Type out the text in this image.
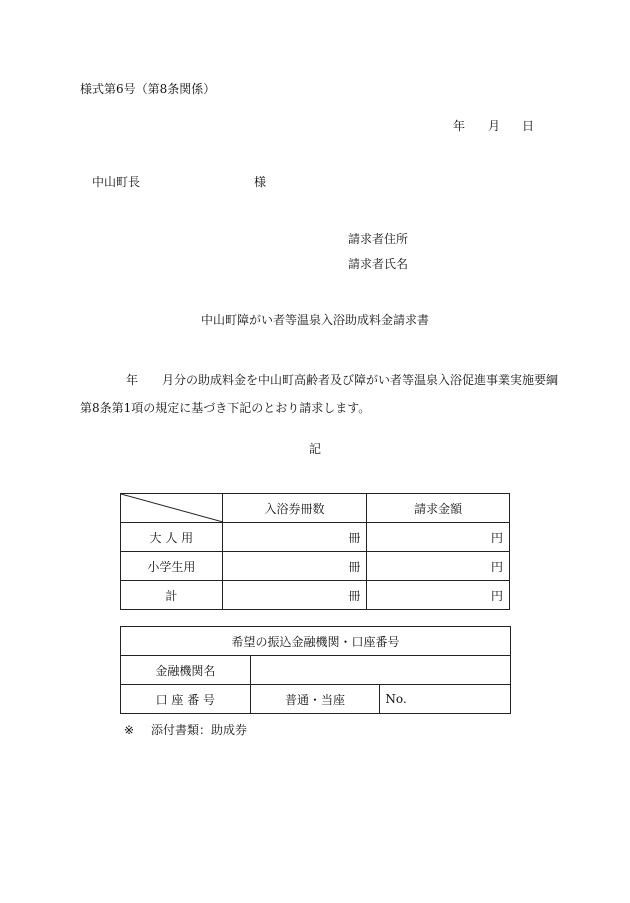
様式第6号（第8条関係）
年 月 日
中山町長	様
請求者住所
請求者氏名
中山町障がい者等温泉入浴助成料金請求書
年 月分の助成料金を中山町高齢者及び障がい者等温泉入浴促進事業実施要綱
第8条第1項の規定に基づき下記のとおり請求します。
記
	入浴券冊数	請求金額
大 人 用	冊	円
小学生用	冊	円
計	冊	円
希望の振込金融機関・口座番号		
金融機関名		
口 座 番 号	普通・当座	No.
※ 添付書類：助成券
